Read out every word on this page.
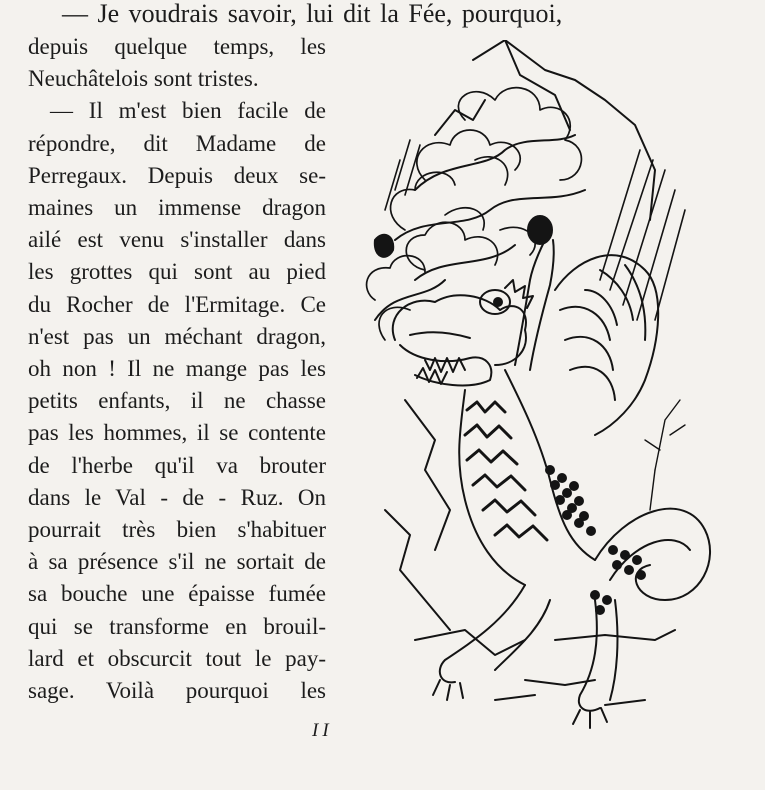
— Je voudrais savoir, lui dit la Fée, pourquoi,
depuis quelque temps, les
Neuchâtelois sont tristes.
— Il m'est bien facile de
répondre, dit Madame de
Perregaux. Depuis deux se-
maines un immense dragon
ailé est venu s'installer dans
les grottes qui sont au pied
du Rocher de l'Ermitage. Ce
n'est pas un méchant dragon,
oh non ! Il ne mange pas les
petits enfants, il ne chasse
pas les hommes, il se contente
de l'herbe qu'il va brouter
dans le Val - de - Ruz. On
pourrait très bien s'habituer
à sa présence s'il ne sortait de
sa bouche une épaisse fumée
qui se transforme en brouil-
lard et obscurcit tout le pay-
sage. Voilà pourquoi les
II
